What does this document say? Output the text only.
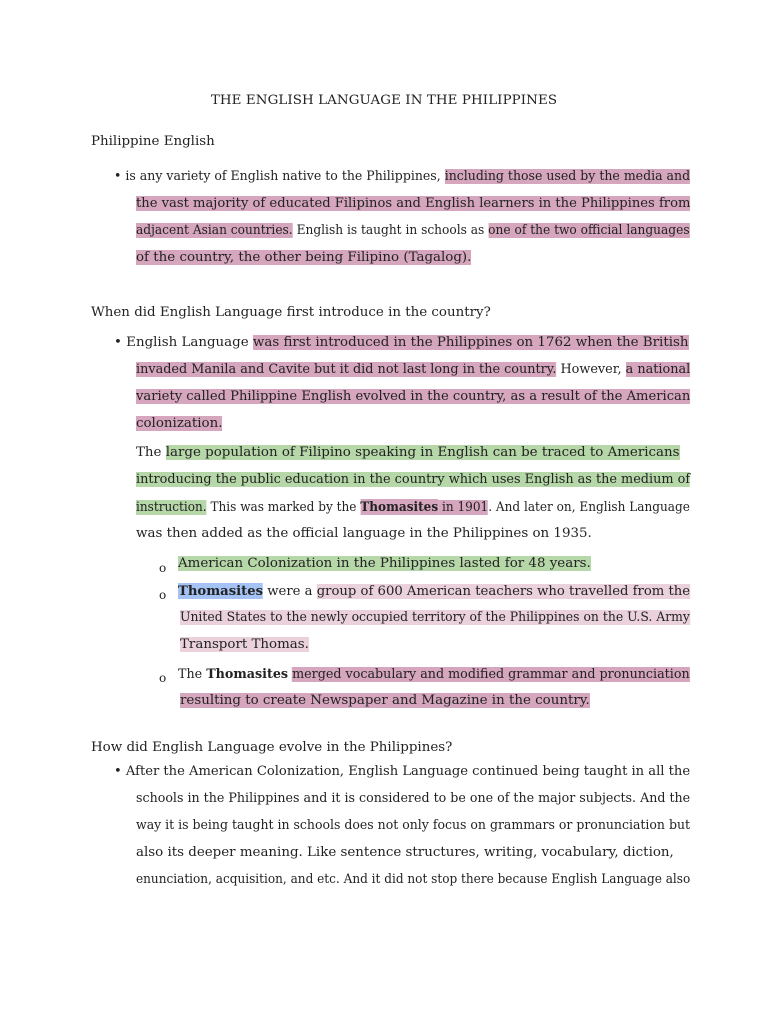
THE ENGLISH LANGUAGE IN THE PHILIPPINES
Philippine English
• is any variety of English native to the Philippines, including those used by the media and
the vast majority of educated Filipinos and English learners in the Philippines from
adjacent Asian countries. English is taught in schools as one of the two official languages
of the country, the other being Filipino (Tagalog).
When did English Language first introduce in the country?
• English Language was first introduced in the Philippines on 1762 when the British
invaded Manila and Cavite but it did not last long in the country. However, a national
variety called Philippine English evolved in the country, as a result of the American
colonization.
The large population of Filipino speaking in English can be traced to Americans
introducing the public education in the country which uses English as the medium of
instruction. This was marked by the Thomasites in 1901. And later on, English Language
was then added as the official language in the Philippines on 1935.
o American Colonization in the Philippines lasted for 48 years.
o Thomasites were a group of 600 American teachers who travelled from the
United States to the newly occupied territory of the Philippines on the U.S. Army
Transport Thomas.
o The Thomasites merged vocabulary and modified grammar and pronunciation
resulting to create Newspaper and Magazine in the country.
How did English Language evolve in the Philippines?
• After the American Colonization, English Language continued being taught in all the
schools in the Philippines and it is considered to be one of the major subjects. And the
way it is being taught in schools does not only focus on grammars or pronunciation but
also its deeper meaning. Like sentence structures, writing, vocabulary, diction,
enunciation, acquisition, and etc. And it did not stop there because English Language also
